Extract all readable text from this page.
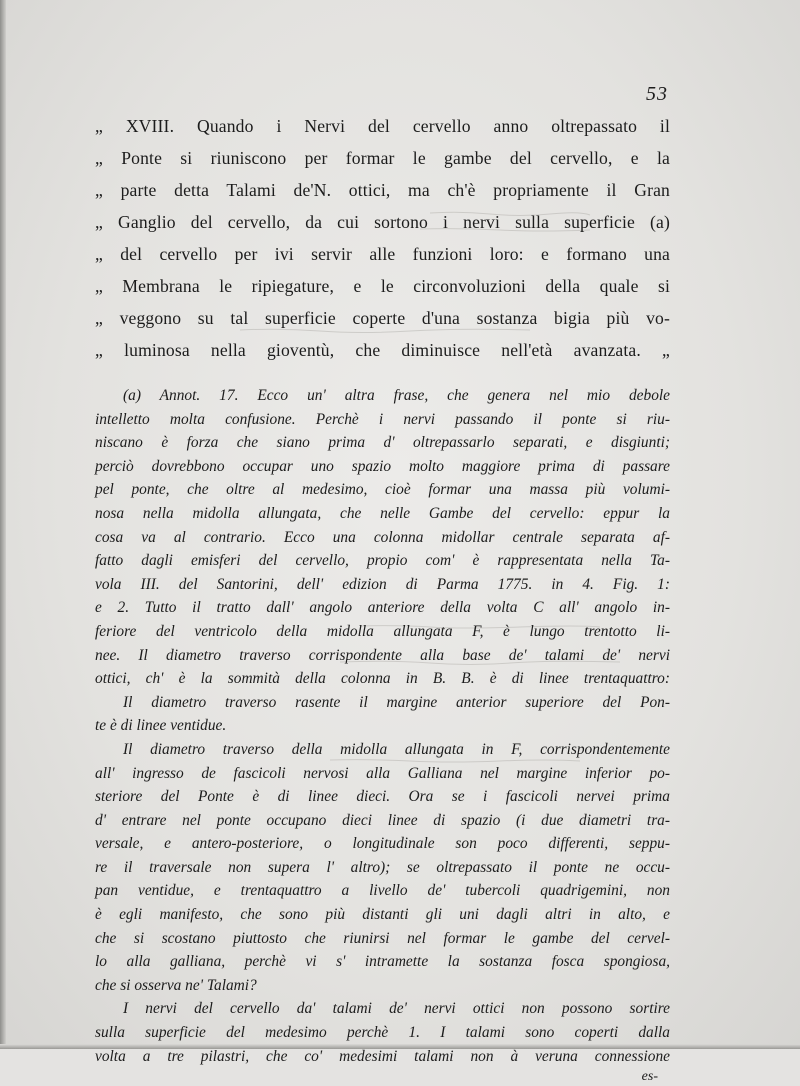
53
„ XVIII. Quando i Nervi del cervello anno oltrepassato il
„ Ponte si riuniscono per formar le gambe del cervello, e la
„ parte detta Talami de'N. ottici, ma ch'è propriamente il Gran
„ Ganglio del cervello, da cui sortono i nervi sulla superficie (a)
„ del cervello per ivi servir alle funzioni loro: e formano una
„ Membrana le ripiegature, e le circonvoluzioni della quale si
„ veggono su tal superficie coperte d'una sostanza bigia più vo-
„ luminosa nella gioventù, che diminuisce nell'età avanzata. „
(a) Annot. 17. Ecco un' altra frase, che genera nel mio debole
intelletto molta confusione. Perchè i nervi passando il ponte si riu-
niscano è forza che siano prima d' oltrepassarlo separati, e disgiunti;
perciò dovrebbono occupar uno spazio molto maggiore prima di passare
pel ponte, che oltre al medesimo, cioè formar una massa più volumi-
nosa nella midolla allungata, che nelle Gambe del cervello: eppur la
cosa va al contrario. Ecco una colonna midollar centrale separata af-
fatto dagli emisferi del cervello, propio com' è rappresentata nella Ta-
vola III. del Santorini, dell' edizion di Parma 1775. in 4. Fig. 1:
e 2. Tutto il tratto dall' angolo anteriore della volta C all' angolo in-
feriore del ventricolo della midolla allungata F, è lungo trentotto li-
nee. Il diametro traverso corrispondente alla base de' talami de' nervi
ottici, ch' è la sommità della colonna in B. B. è di linee trentaquattro:
Il diametro traverso rasente il margine anterior superiore del Pon-
te è di linee ventidue.
Il diametro traverso della midolla allungata in F, corrispondentemente
all' ingresso de fascicoli nervosi alla Galliana nel margine inferior po-
steriore del Ponte è di linee dieci. Ora se i fascicoli nervei prima
d' entrare nel ponte occupano dieci linee di spazio (i due diametri tra-
versale, e antero-posteriore, o longitudinale son poco differenti, seppu-
re il traversale non supera l' altro); se oltrepassato il ponte ne occu-
pan ventidue, e trentaquattro a livello de' tubercoli quadrigemini, non
è egli manifesto, che sono più distanti gli uni dagli altri in alto, e
che si scostano piuttosto che riunirsi nel formar le gambe del cervel-
lo alla galliana, perchè vi s' intramette la sostanza fosca spongiosa,
che si osserva ne' Talami?
I nervi del cervello da' talami de' nervi ottici non possono sortire
sulla superficie del medesimo perchè 1. I talami sono coperti dalla
volta a tre pilastri, che co' medesimi talami non à veruna connessione
es-
